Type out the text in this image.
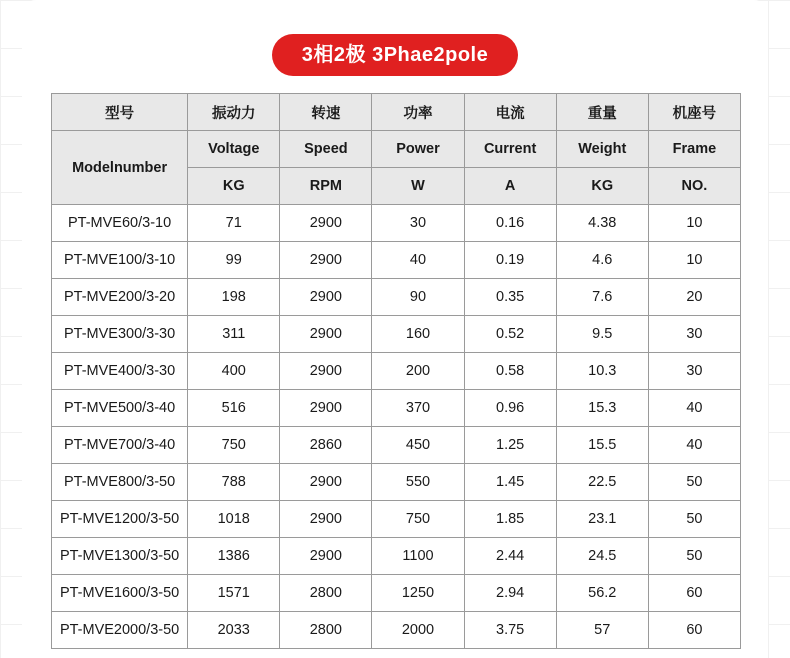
3相2极 3Phae2pole
型号	振动力	转速	功率	电流	重量	机座号
Modelnumber	Voltage	Speed	Power	Current	Weight	Frame
	KG	RPM	W	A	KG	NO.
PT-MVE60/3-10	71	2900	30	0.16	4.38	10
PT-MVE100/3-10	99	2900	40	0.19	4.6	10
PT-MVE200/3-20	198	2900	90	0.35	7.6	20
PT-MVE300/3-30	311	2900	160	0.52	9.5	30
PT-MVE400/3-30	400	2900	200	0.58	10.3	30
PT-MVE500/3-40	516	2900	370	0.96	15.3	40
PT-MVE700/3-40	750	2860	450	1.25	15.5	40
PT-MVE800/3-50	788	2900	550	1.45	22.5	50
PT-MVE1200/3-50	1018	2900	750	1.85	23.1	50
PT-MVE1300/3-50	1386	2900	1100	2.44	24.5	50
PT-MVE1600/3-50	1571	2800	1250	2.94	56.2	60
PT-MVE2000/3-50	2033	2800	2000	3.75	57	60
